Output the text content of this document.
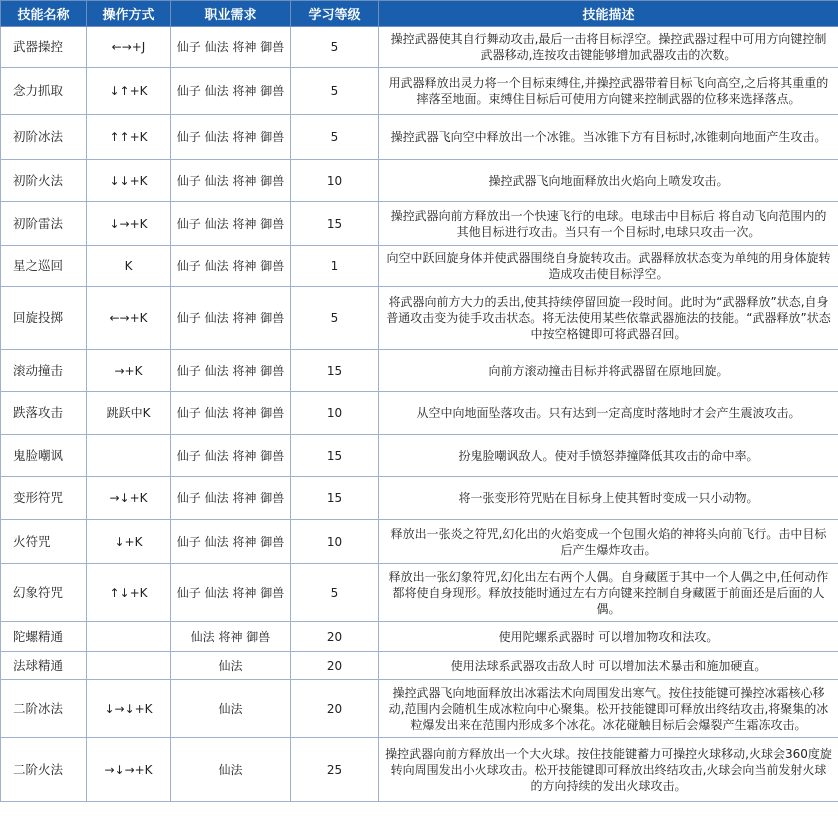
技能名称	操作方式	职业需求	学习等级	技能描述
武器操控	←→+J	仙子 仙法 将神 御兽	5	操控武器使其自行舞动攻击,最后一击将目标浮空。操控武器过程中可用方向键控制武器移动,连按攻击键能够增加武器攻击的次数。
念力抓取	↓↑+K	仙子 仙法 将神 御兽	5	用武器释放出灵力将一个目标束缚住,并操控武器带着目标飞向高空,之后将其重重的摔落至地面。束缚住目标后可使用方向键来控制武器的位移来选择落点。
初阶冰法	↑↑+K	仙子 仙法 将神 御兽	5	操控武器飞向空中释放出一个冰锥。当冰锥下方有目标时,冰锥刺向地面产生攻击。
初阶火法	↓↓+K	仙子 仙法 将神 御兽	10	操控武器飞向地面释放出火焰向上喷发攻击。
初阶雷法	↓→+K	仙子 仙法 将神 御兽	15	操控武器向前方释放出一个快速飞行的电球。电球击中目标后 将自动飞向范围内的其他目标进行攻击。当只有一个目标时,电球只攻击一次。
星之巡回	K	仙子 仙法 将神 御兽	1	向空中跃回旋身体并使武器围绕自身旋转攻击。武器释放状态变为单纯的用身体旋转造成攻击使目标浮空。
回旋投掷	←→+K	仙子 仙法 将神 御兽	5	将武器向前方大力的丢出,使其持续停留回旋一段时间。此时为“武器释放”状态,自身普通攻击变为徒手攻击状态。将无法使用某些依靠武器施法的技能。“武器释放”状态中按空格键即可将武器召回。
滚动撞击	→+K	仙子 仙法 将神 御兽	15	向前方滚动撞击目标并将武器留在原地回旋。
跌落攻击	跳跃中K	仙子 仙法 将神 御兽	10	从空中向地面坠落攻击。只有达到一定高度时落地时才会产生震波攻击。
鬼脸嘲讽		仙子 仙法 将神 御兽	15	扮鬼脸嘲讽敌人。使对手愤怒莽撞降低其攻击的命中率。
变形符咒	→↓+K	仙子 仙法 将神 御兽	15	将一张变形符咒贴在目标身上使其暂时变成一只小动物。
火符咒	↓+K	仙子 仙法 将神 御兽	10	释放出一张炎之符咒,幻化出的火焰变成一个包围火焰的神将头向前飞行。击中目标后产生爆炸攻击。
幻象符咒	↑↓+K	仙子 仙法 将神 御兽	5	释放出一张幻象符咒,幻化出左右两个人偶。自身藏匿于其中一个人偶之中,任何动作都将使自身现形。释放技能时通过左右方向键来控制自身藏匿于前面还是后面的人偶。
陀螺精通		仙法 将神 御兽	20	使用陀螺系武器时 可以增加物攻和法攻。
法球精通		仙法	20	使用法球系武器攻击敌人时 可以增加法术暴击和施加硬直。
二阶冰法	↓→↓+K	仙法	20	操控武器飞向地面释放出冰霜法术向周围发出寒气。按住技能键可操控冰霜核心移动,范围内会随机生成冰粒向中心聚集。松开技能键即可释放出终结攻击,将聚集的冰粒爆发出来在范围内形成多个冰花。冰花碰触目标后会爆裂产生霜冻攻击。
二阶火法	→↓→+K	仙法	25	操控武器向前方释放出一个大火球。按住技能键蓄力可操控火球移动,火球会360度旋转向周围发出小火球攻击。松开技能键即可释放出终结攻击,火球会向当前发射火球的方向持续的发出火球攻击。
